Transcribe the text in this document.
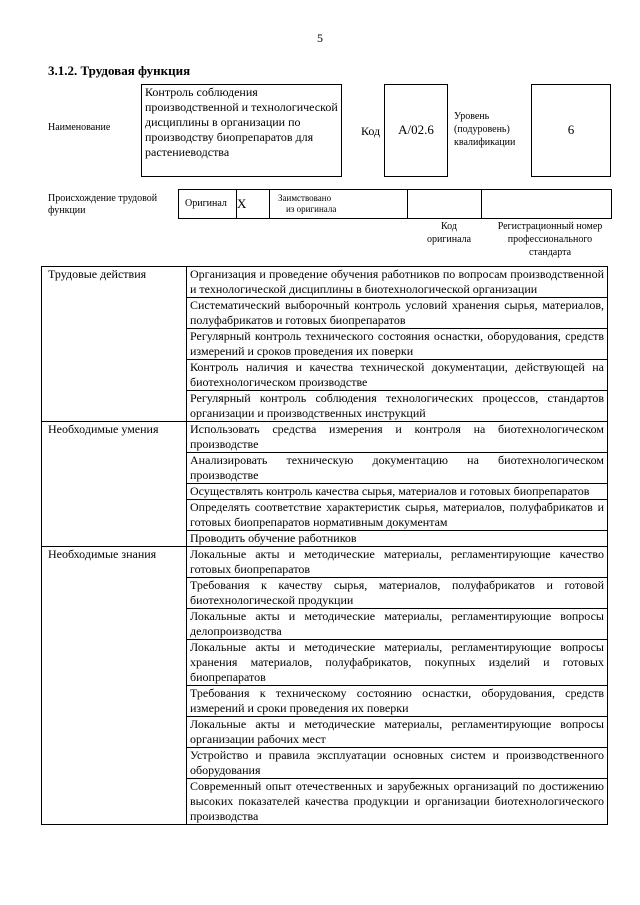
5
3.1.2. Трудовая функция
Наименование
Контроль соблюдения производственной и технологической дисциплины в организации по производству биопрепаратов для растениеводства
Код	А/02.6
Уровень
(подуровень)
квалификации
6
Происхождение трудовой функции
Оригинал X	Заимствовано
из оригинала
Код
оригинала
Регистрационный номер
профессионального
стандарта
Трудовые действия	Организация и проведение обучения работников по вопросам производственной и технологической дисциплины в биотехнологической организации
	Систематический выборочный контроль условий хранения сырья, материалов, полуфабрикатов и готовых биопрепаратов
	Регулярный контроль технического состояния оснастки, оборудования, средств измерений и сроков проведения их поверки
	Контроль наличия и качества технической документации, действующей на биотехнологическом производстве
	Регулярный контроль соблюдения технологических процессов, стандартов организации и производственных инструкций
Необходимые умения	Использовать средства измерения и контроля на биотехнологическом производстве
	Анализировать техническую документацию на биотехнологическом производстве
	Осуществлять контроль качества сырья, материалов и готовых биопрепаратов
	Определять соответствие характеристик сырья, материалов, полуфабрикатов и готовых биопрепаратов нормативным документам
	Проводить обучение работников
Необходимые знания	Локальные акты и методические материалы, регламентирующие качество готовых биопрепаратов
	Требования к качеству сырья, материалов, полуфабрикатов и готовой биотехнологической продукции
	Локальные акты и методические материалы, регламентирующие вопросы делопроизводства
	Локальные акты и методические материалы, регламентирующие вопросы хранения материалов, полуфабрикатов, покупных изделий и готовых биопрепаратов
	Требования к техническому состоянию оснастки, оборудования, средств измерений и сроки проведения их поверки
	Локальные акты и методические материалы, регламентирующие вопросы организации рабочих мест
	Устройство и правила эксплуатации основных систем и производственного оборудования
	Современный опыт отечественных и зарубежных организаций по достижению высоких показателей качества продукции и организации биотехнологического производства
